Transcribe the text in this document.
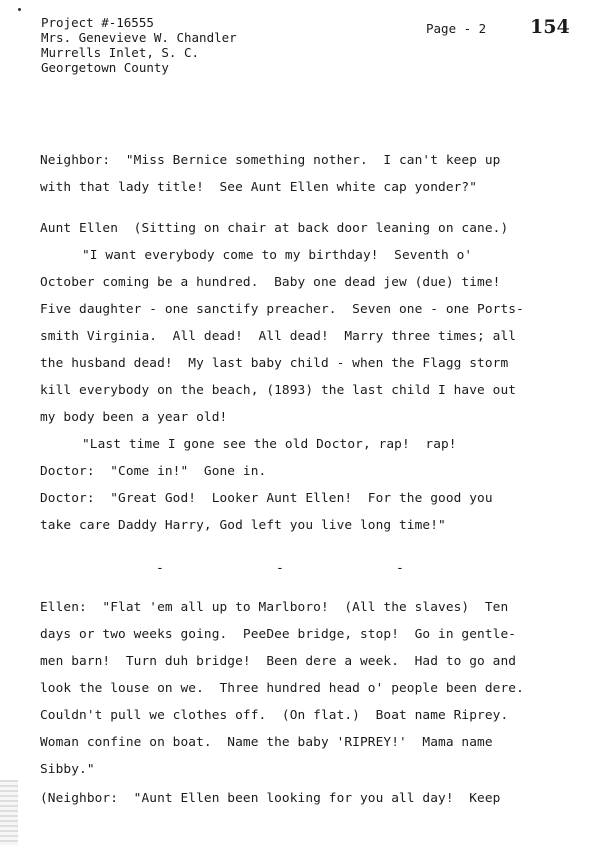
Project #-16555
Mrs. Genevieve W. Chandler
Murrells Inlet, S. C.
Georgetown County
Page - 2 154
Neighbor:  "Miss Bernice something nother.  I can't keep up
with that lady title!  See Aunt Ellen white cap yonder?"
Aunt Ellen  (Sitting on chair at back door leaning on cane.)
"I want everybody come to my birthday!  Seventh o'
October coming be a hundred.  Baby one dead jew (due) time!
Five daughter - one sanctify preacher.  Seven one - one Ports-
smith Virginia.  All dead!  All dead!  Marry three times; all
the husband dead!  My last baby child - when the Flagg storm
kill everybody on the beach, (1893) the last child I have out
my body been a year old!
"Last time I gone see the old Doctor, rap!  rap!
Doctor:  "Come in!"  Gone in.
Doctor:  "Great God!  Looker Aunt Ellen!  For the good you
take care Daddy Harry, God left you live long time!"
-	-	-
Ellen:  "Flat 'em all up to Marlboro!  (All the slaves)  Ten
days or two weeks going.  PeeDee bridge, stop!  Go in gentle-
men barn!  Turn duh bridge!  Been dere a week.  Had to go and
look the louse on we.  Three hundred head o' people been dere.
Couldn't pull we clothes off.  (On flat.)  Boat name Riprey.
Woman confine on boat.  Name the baby 'RIPREY!'  Mama name
Sibby."
(Neighbor:  "Aunt Ellen been looking for you all day!  Keep
